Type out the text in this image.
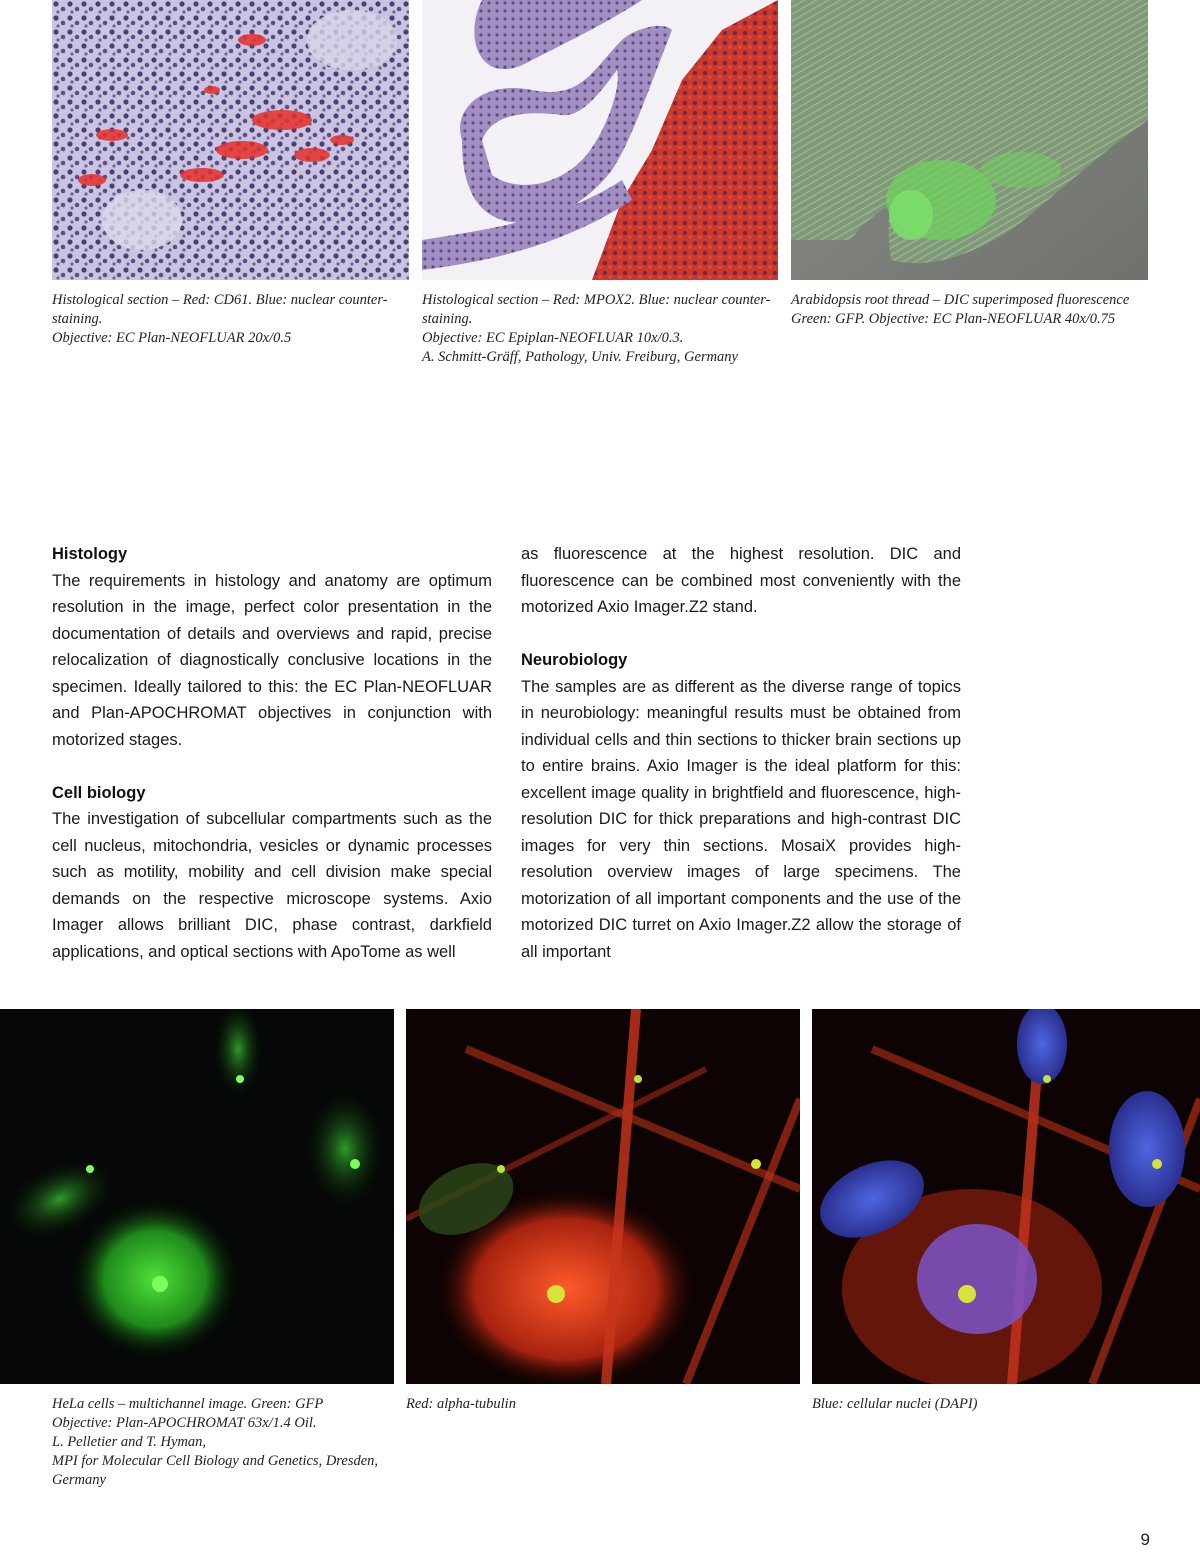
Histological section – Red: CD61. Blue: nuclear counter-
staining.
Objective: EC Plan-NEOFLUAR 20x/0.5
Histological section – Red: MPOX2. Blue: nuclear counter-
staining.
Objective: EC Epiplan-NEOFLUAR 10x/0.3.
A. Schmitt-Gräff, Pathology, Univ. Freiburg, Germany
Arabidopsis root thread – DIC superimposed fluorescence
Green: GFP. Objective: EC Plan-NEOFLUAR 40x/0.75
Histology

The requirements in histology and anatomy are optimum resolution in the image, perfect color presentation in the documentation of details and overviews and rapid, precise relocalization of diagnostically conclusive locations in the specimen. Ideally tailored to this: the EC Plan-NEOFLUAR and Plan-APOCHROMAT objectives in conjunction with motorized stages.

Cell biology

The investigation of subcellular compartments such as the cell nucleus, mitochondria, vesicles or dynamic processes such as motility, mobility and cell division make special demands on the respective microscope systems. Axio Imager allows brilliant DIC, phase contrast, darkfield applications, and optical sections with ApoTome as well

as fluorescence at the highest resolution. DIC and fluorescence can be combined most conveniently with the motorized Axio Imager.Z2 stand.

Neurobiology

The samples are as different as the diverse range of topics in neurobiology: meaningful results must be obtained from individual cells and thin sections to thicker brain sections up to entire brains. Axio Imager is the ideal platform for this: excellent image quality in brightfield and fluorescence, high-resolution DIC for thick preparations and high-contrast DIC images for very thin sections. MosaiX provides high-resolution overview images of large specimens. The motorization of all important components and the use of the motorized DIC turret on Axio Imager.Z2 allow the storage of all important

HeLa cells – multichannel image. Green: GFP
Objective: Plan-APOCHROMAT 63x/1.4 Oil.
L. Pelletier and T. Hyman,
MPI for Molecular Cell Biology and Genetics, Dresden,
Germany
Red: alpha-tubulin	Blue: cellular nuclei (DAPI)
9
